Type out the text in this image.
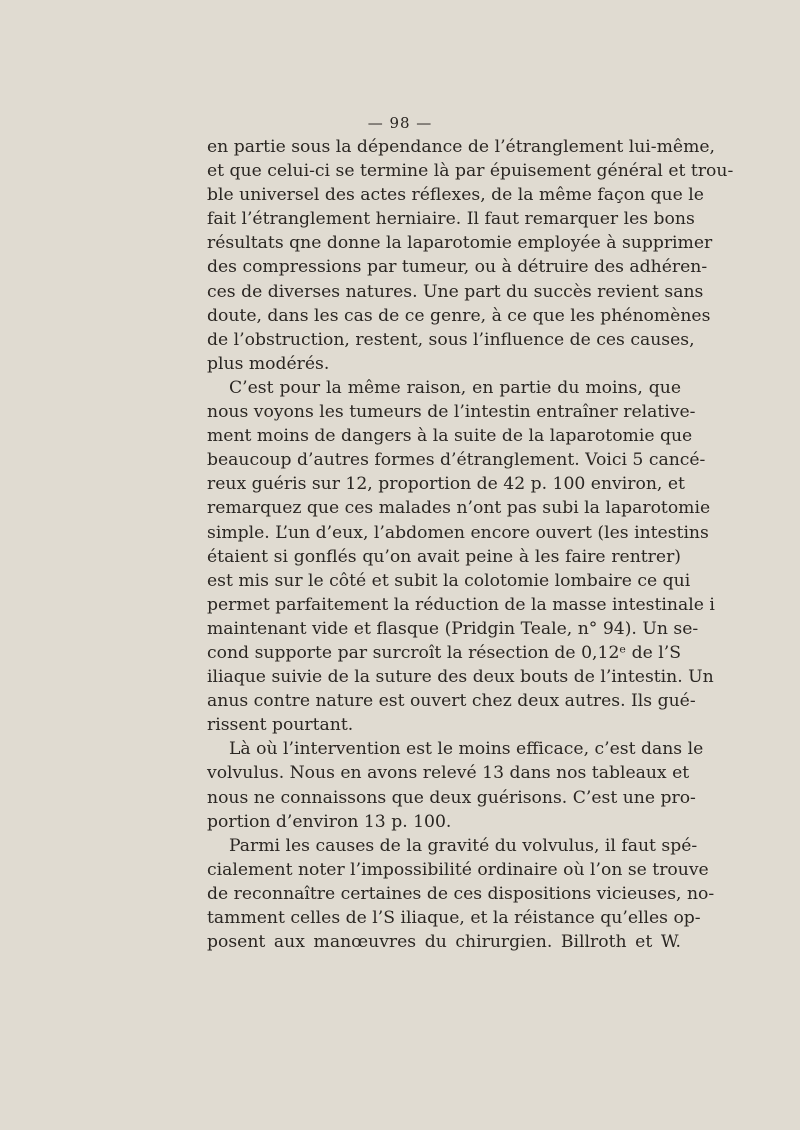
— 98 —
en partie sous la dépendance de l’étranglement lui-même,
et que celui-ci se termine là par épuisement général et trou-
ble universel des actes réflexes, de la même façon que le
fait l’étranglement herniaire. Il faut remarquer les bons
résultats qne donne la laparotomie employée à supprimer
des compressions par tumeur, ou à détruire des adhéren-
ces de diverses natures. Une part du succès revient sans
doute, dans les cas de ce genre, à ce que les phénomènes
de l’obstruction, restent, sous l’influence de ces causes,
plus modérés.
C’est pour la même raison, en partie du moins, que
nous voyons les tumeurs de l’intestin entraîner relative-
ment moins de dangers à la suite de la laparotomie que
beaucoup d’autres formes d’étranglement. Voici 5 cancé-
reux guéris sur 12, proportion de 42 p. 100 environ, et
remarquez que ces malades n’ont pas subi la laparotomie
simple. L’un d’eux, l’abdomen encore ouvert (les intestins
étaient si gonflés qu’on avait peine à les faire rentrer)
est mis sur le côté et subit la colotomie lombaire ce qui
permet parfaitement la réduction de la masse intestinale i
maintenant vide et flasque (Pridgin Teale, n° 94). Un se-
cond supporte par surcroît la résection de 0,12ᵉ de l’S
iliaque suivie de la suture des deux bouts de l’intestin. Un
anus contre nature est ouvert chez deux autres. Ils gué-
rissent pourtant.
Là où l’intervention est le moins efficace, c’est dans le
volvulus. Nous en avons relevé 13 dans nos tableaux et
nous ne connaissons que deux guérisons. C’est une pro-
portion d’environ 13 p. 100.
Parmi les causes de la gravité du volvulus, il faut spé-
cialement noter l’impossibilité ordinaire où l’on se trouve
de reconnaître certaines de ces dispositions vicieuses, no-
tamment celles de l’S iliaque, et la réistance qu’elles op-
posent aux manœuvres du chirurgien. Billroth et W.
